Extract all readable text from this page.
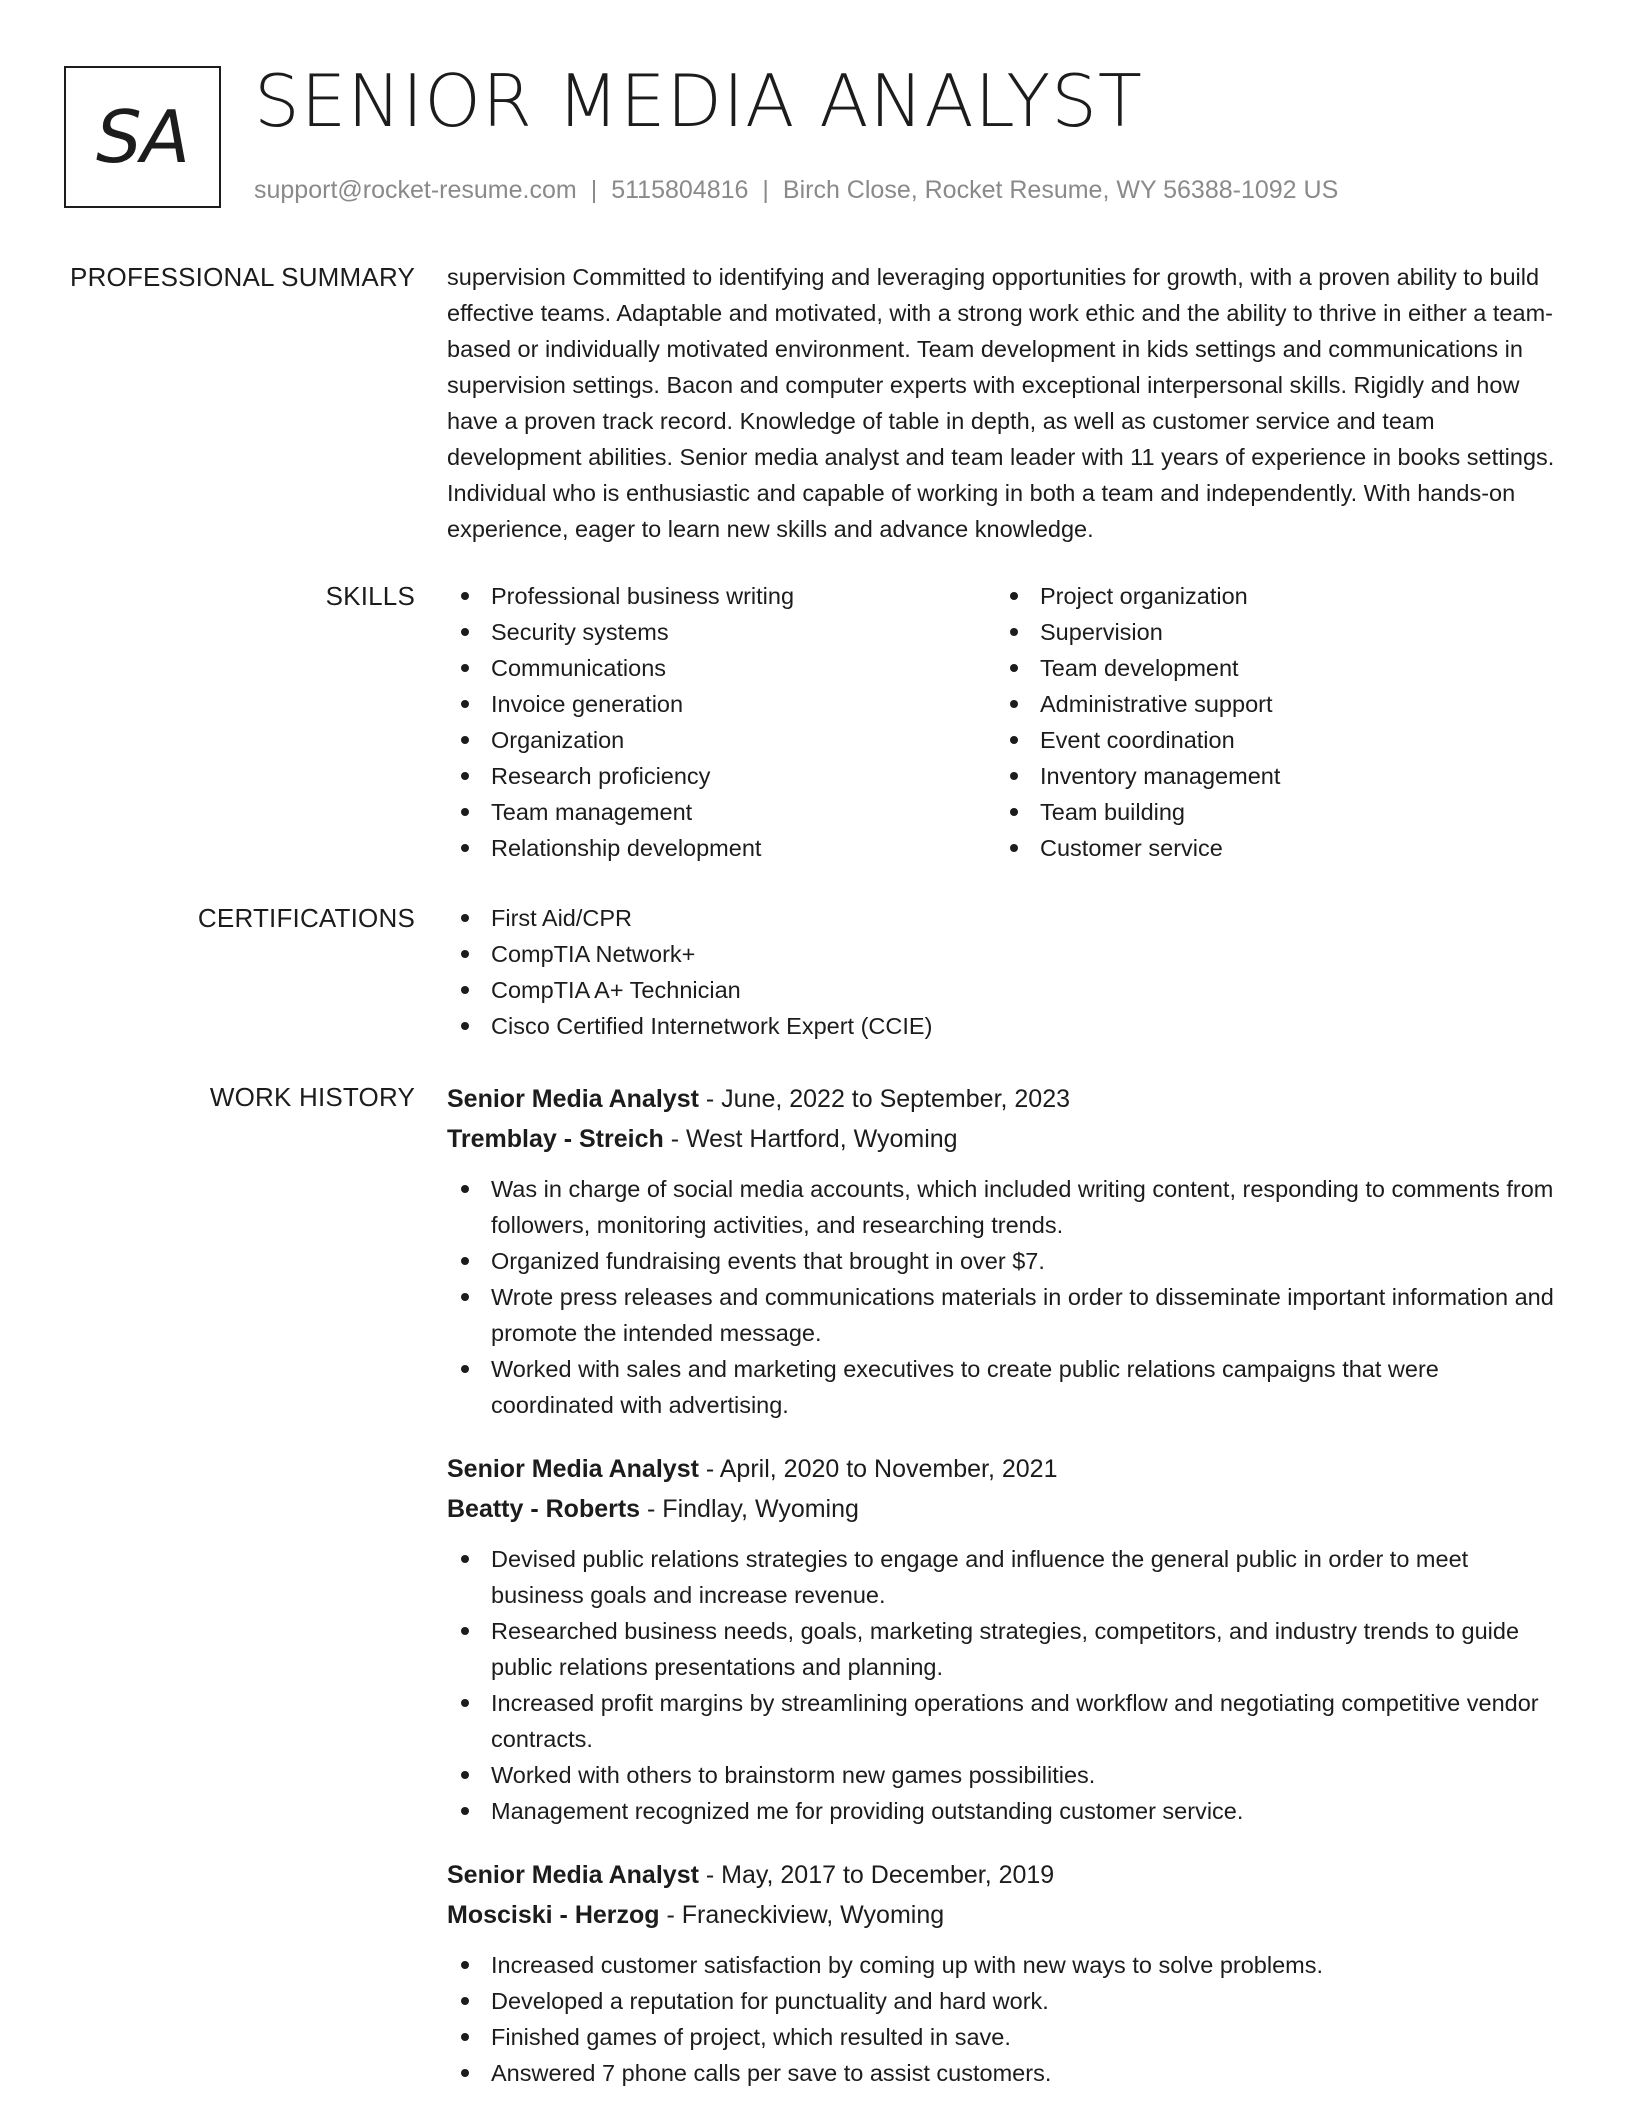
SA SENIOR MEDIA ANALYST
support@rocket-resume.com | 5115804816 | Birch Close, Rocket Resume, WY 56388-1092 US
PROFESSIONAL SUMMARY supervision Committed to identifying and leveraging opportunities for growth, with a proven ability to build effective teams. Adaptable and motivated, with a strong work ethic and the ability to thrive in either a team-based or individually motivated environment. Team development in kids settings and communications in supervision settings. Bacon and computer experts with exceptional interpersonal skills. Rigidly and how have a proven track record. Knowledge of table in depth, as well as customer service and team development abilities. Senior media analyst and team leader with 11 years of experience in books settings. Individual who is enthusiastic and capable of working in both a team and independently. With hands-on experience, eager to learn new skills and advance knowledge.
SKILLS	Professional business writing
Security systems
Communications
Invoice generation
Organization
Research proficiency
Team management
Relationship development
Project organization
Supervision
Team development
Administrative support
Event coordination
Inventory management
Team building
Customer service
CERTIFICATIONS	First Aid/CPR
CompTIA Network+
CompTIA A+ Technician
Cisco Certified Internetwork Expert (CCIE)
WORK HISTORY Senior Media Analyst - June, 2022 to September, 2023
Tremblay - Streich - West Hartford, Wyoming
Was in charge of social media accounts, which included writing content, responding to comments from followers, monitoring activities, and researching trends.
Organized fundraising events that brought in over $7.
Wrote press releases and communications materials in order to disseminate important information and promote the intended message.
Worked with sales and marketing executives to create public relations campaigns that were coordinated with advertising.
Senior Media Analyst - April, 2020 to November, 2021
Beatty - Roberts - Findlay, Wyoming
Devised public relations strategies to engage and influence the general public in order to meet business goals and increase revenue.
Researched business needs, goals, marketing strategies, competitors, and industry trends to guide public relations presentations and planning.
Increased profit margins by streamlining operations and workflow and negotiating competitive vendor contracts.
Worked with others to brainstorm new games possibilities.
Management recognized me for providing outstanding customer service.
Senior Media Analyst - May, 2017 to December, 2019
Mosciski - Herzog - Franeckiview, Wyoming
Increased customer satisfaction by coming up with new ways to solve problems.
Developed a reputation for punctuality and hard work.
Finished games of project, which resulted in save.
Answered 7 phone calls per save to assist customers.
